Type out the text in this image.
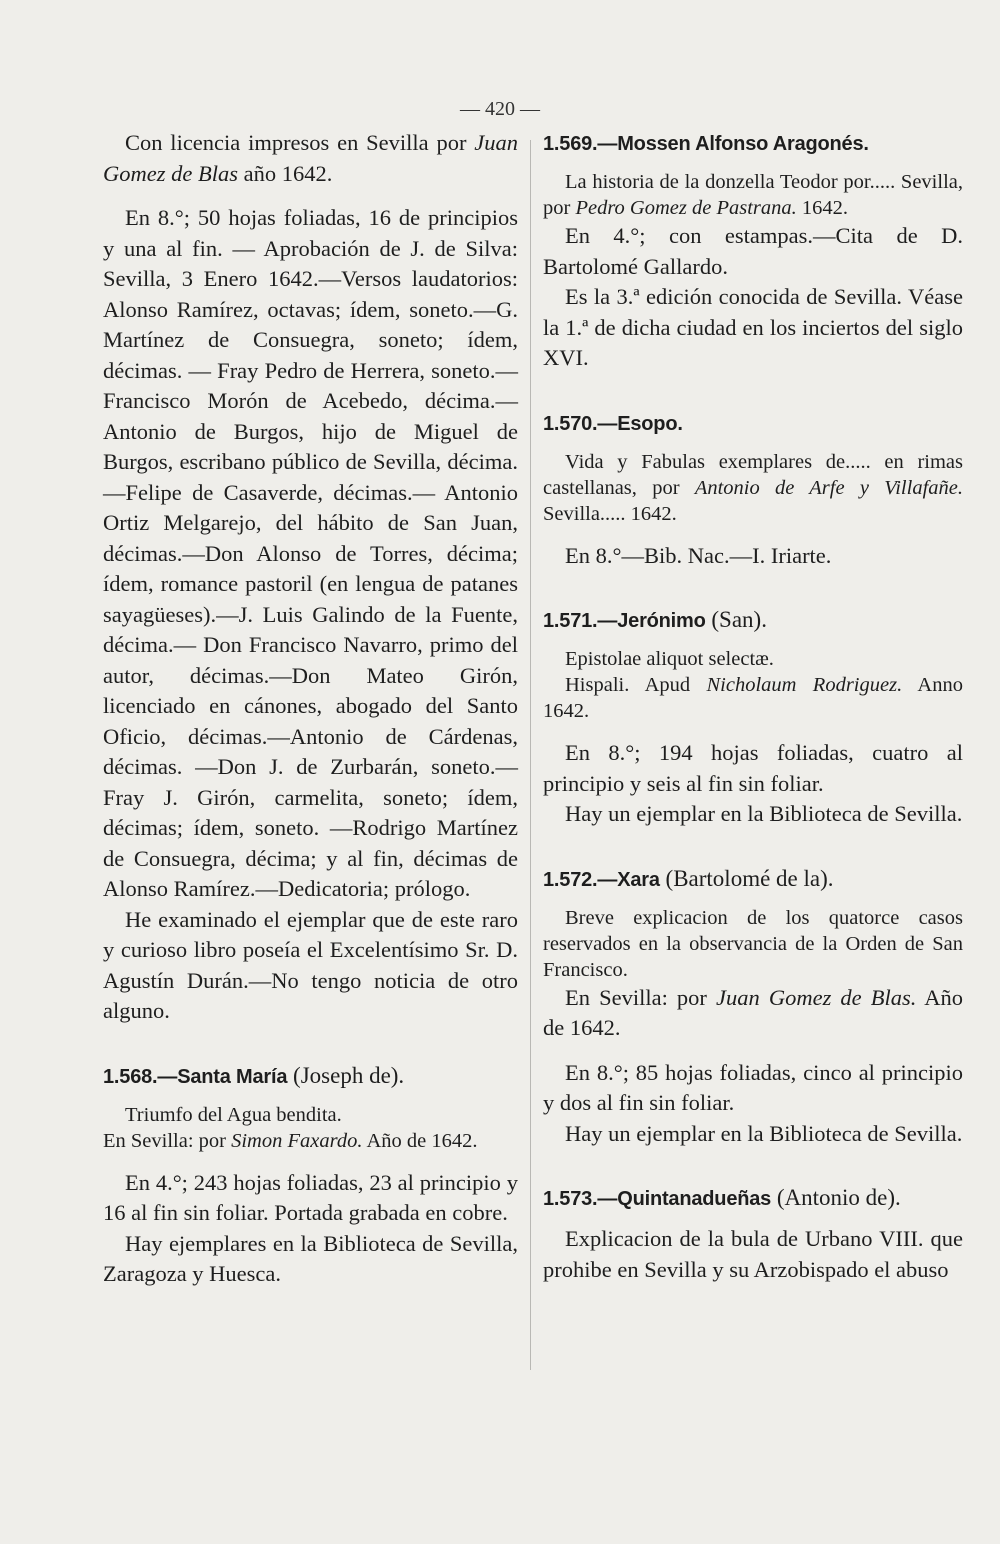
— 420 —

Con licencia impresos en Sevilla por Juan Gomez de Blas año 1642.

En 8.°; 50 hojas foliadas, 16 de principios y una al fin. — Aprobación de J. de Silva: Sevilla, 3 Enero 1642.—Versos laudatorios: Alonso Ramírez, octavas; ídem, soneto.—G. Martínez de Consuegra, soneto; ídem, décimas. — Fray Pedro de Herrera, soneto.—Francisco Morón de Acebedo, décima.—Antonio de Burgos, hijo de Miguel de Burgos, escribano público de Sevilla, décima.—Felipe de Casaverde, décimas.— Antonio Ortiz Melgarejo, del hábito de San Juan, décimas.—Don Alonso de Torres, décima; ídem, romance pastoril (en lengua de patanes sayagüeses).—J. Luis Galindo de la Fuente, décima.— Don Francisco Navarro, primo del autor, décimas.—Don Mateo Girón, licenciado en cánones, abogado del Santo Oficio, décimas.—Antonio de Cárdenas, décimas. —Don J. de Zurbarán, soneto.— Fray J. Girón, carmelita, soneto; ídem, décimas; ídem, soneto. —Rodrigo Martínez de Consuegra, décima; y al fin, décimas de Alonso Ramírez.—Dedicatoria; prólogo.

He examinado el ejemplar que de este raro y curioso libro poseía el Excelentísimo Sr. D. Agustín Durán.—No tengo noticia de otro alguno.

1.568.—Santa María (Joseph de).

Triumfo del Agua bendita.

En Sevilla: por Simon Faxardo. Año de 1642.

En 4.°; 243 hojas foliadas, 23 al principio y 16 al fin sin foliar. Portada grabada en cobre.

Hay ejemplares en la Biblioteca de Sevilla, Zaragoza y Huesca.

1.569.—Mossen Alfonso Aragonés.

La historia de la donzella Teodor por..... Sevilla, por Pedro Gomez de Pastrana. 1642.

En 4.°; con estampas.—Cita de D. Bartolomé Gallardo.

Es la 3.ª edición conocida de Sevilla. Véase la 1.ª de dicha ciudad en los inciertos del siglo XVI.

1.570.—Esopo.

Vida y Fabulas exemplares de..... en rimas castellanas, por Antonio de Arfe y Villafañe. Sevilla..... 1642.

En 8.°—Bib. Nac.—I. Iriarte.

1.571.—Jerónimo (San).

Epistolae aliquot selectæ.

Hispali. Apud Nicholaum Rodriguez. Anno 1642.

En 8.°; 194 hojas foliadas, cuatro al principio y seis al fin sin foliar.

Hay un ejemplar en la Biblioteca de Sevilla.

1.572.—Xara (Bartolomé de la).

Breve explicacion de los quatorce casos reservados en la observancia de la Orden de San Francisco.

En Sevilla: por Juan Gomez de Blas. Año de 1642.

En 8.°; 85 hojas foliadas, cinco al principio y dos al fin sin foliar.

Hay un ejemplar en la Biblioteca de Sevilla.

1.573.—Quintanadueñas (Antonio de).

Explicacion de la bula de Urbano VIII. que prohibe en Sevilla y su Arzobispado el abuso
